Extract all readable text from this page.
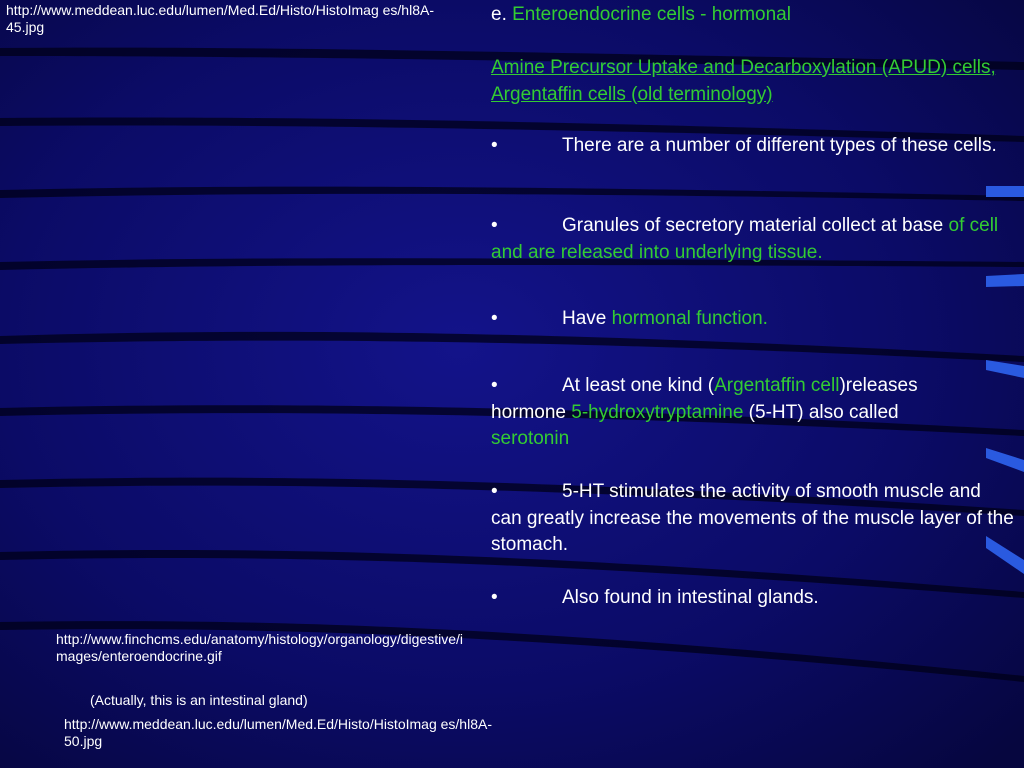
http://www.meddean.luc.edu/lumen/Med.Ed/Histo/HistoImag es/hl8A-45.jpg

e. Enteroendocrine cells - hormonal

Amine Precursor Uptake and Decarboxylation (APUD) cells, Argentaffin cells (old terminology)

•	There are a number of different types of these cells.

•	Granules of secretory material collect at base of cell and are released into underlying tissue.

•	Have hormonal function.

•	At least one kind (Argentaffin cell)releases hormone 5-hydroxytryptamine (5-HT) also called serotonin

•	5-HT stimulates the activity of smooth muscle and can greatly increase the movements of the muscle layer of the stomach.

•	Also found in intestinal glands.

http://www.finchcms.edu/anatomy/histology/organology/digestive/i mages/enteroendocrine.gif

(Actually, this is an intestinal gland)

http://www.meddean.luc.edu/lumen/Med.Ed/Histo/HistoImag es/hl8A-50.jpg
